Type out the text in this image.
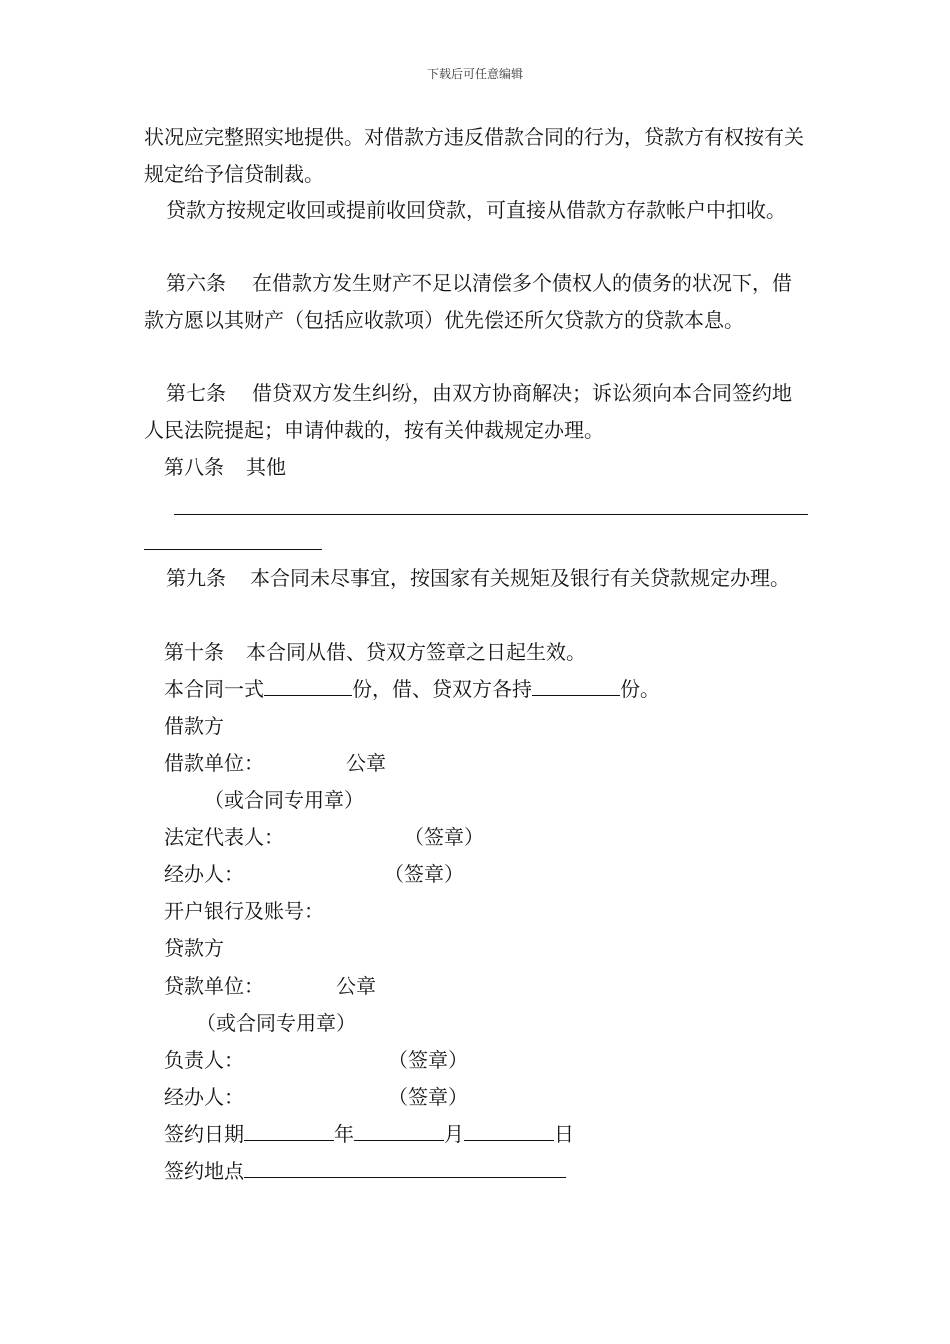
下载后可任意编辑
状况应完整照实地提供。对借款方违反借款合同的行为，贷款方有权按有关规定给予信贷制裁。
贷款方按规定收回或提前收回贷款，可直接从借款方存款帐户中扣收。
第六条 在借款方发生财产不足以清偿多个债权人的债务的状况下，借款方愿以其财产（包括应收款项）优先偿还所欠贷款方的贷款本息。
第七条 借贷双方发生纠纷，由双方协商解决；诉讼须向本合同签约地人民法院提起；申请仲裁的，按有关仲裁规定办理。
第八条 其他
第九条 本合同未尽事宜，按国家有关规矩及银行有关贷款规定办理。
第十条 本合同从借、贷双方签章之日起生效。
本合同一式	份，借、贷双方各持	份。
借款方
借款单位：	公章
（或合同专用章）
法定代表人：	（签章）
经办人：	（签章）
开户银行及账号：
贷款方
贷款单位：	公章
（或合同专用章）
负责人：	（签章）
经办人：	（签章）
签约日期	年	月	日
签约地点
